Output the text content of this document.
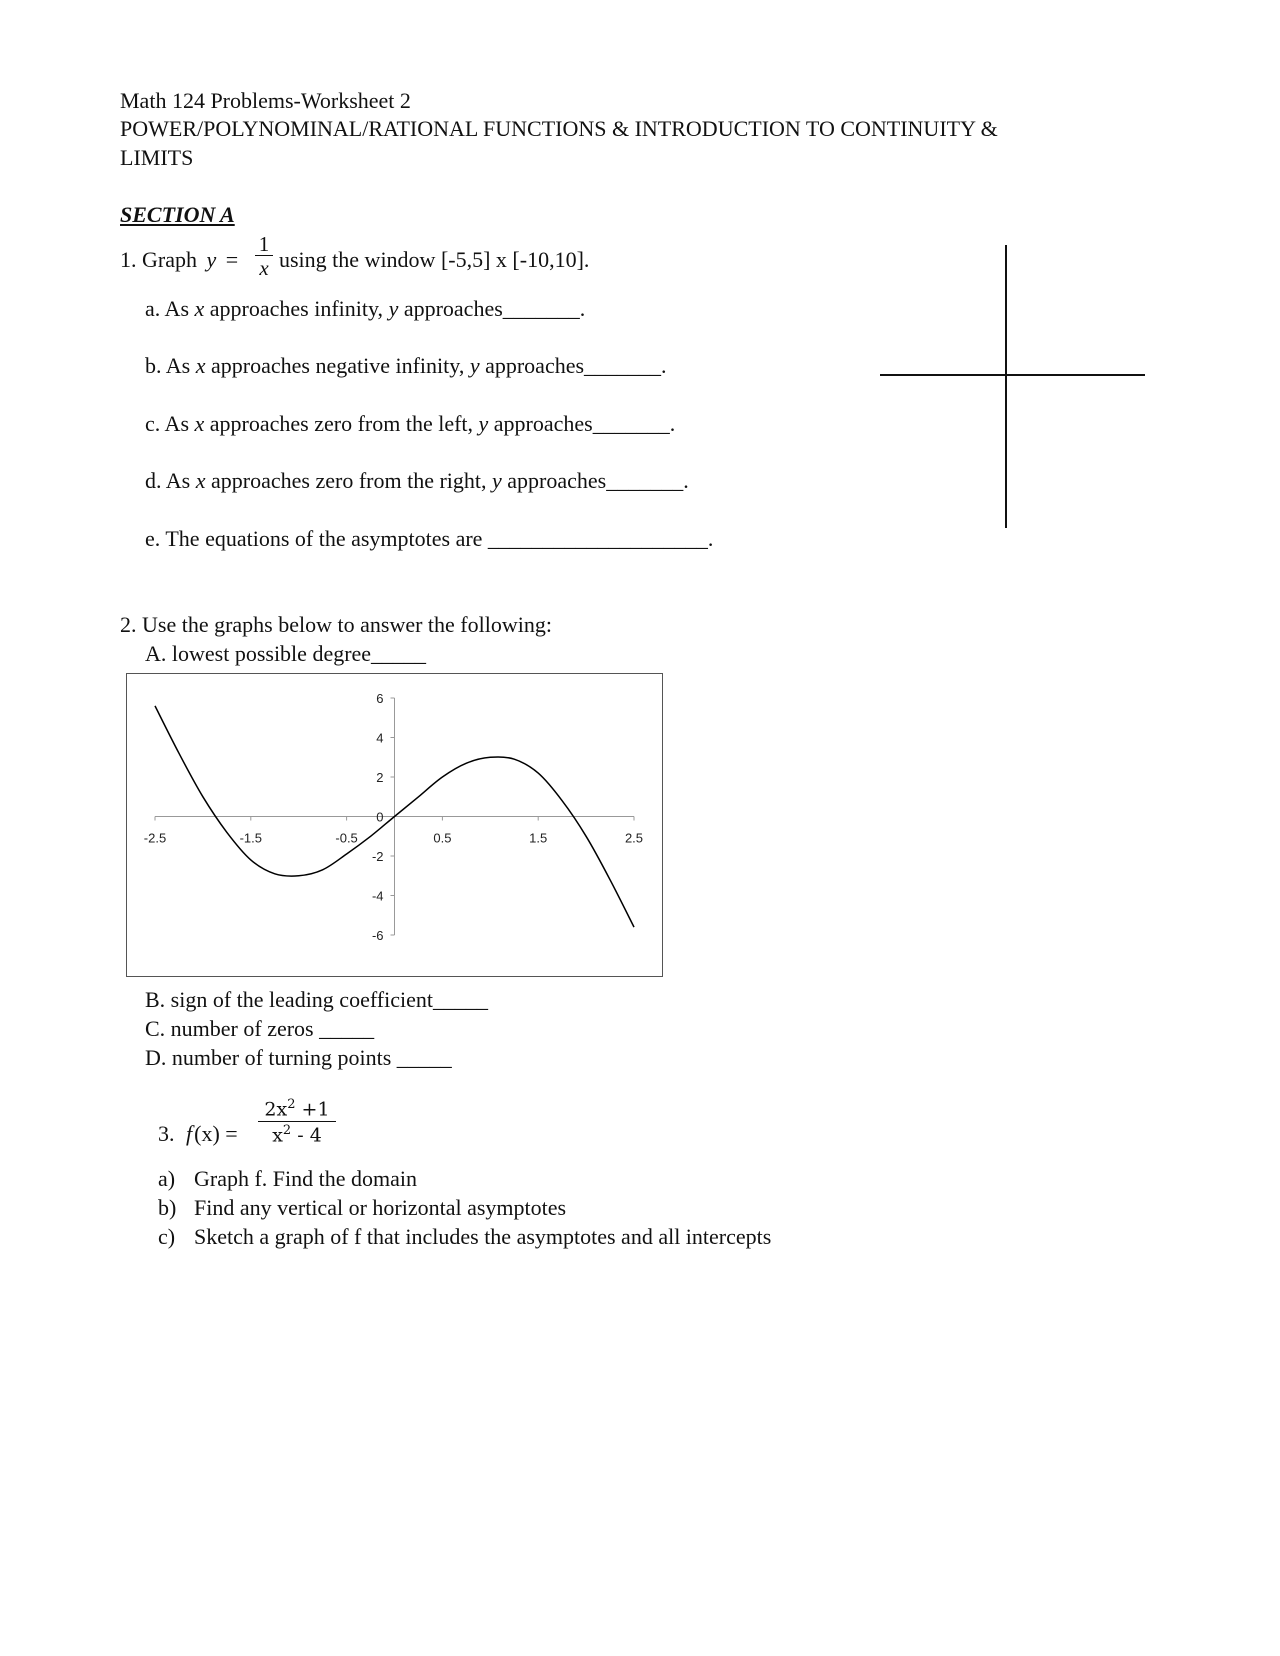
Math 124 Problems-Worksheet 2
POWER/POLYNOMINAL/RATIONAL FUNCTIONS & INTRODUCTION TO CONTINUITY &
LIMITS
SECTION A
1. Graph y =
1
x using the window [-5,5] x [-10,10].
a. As x approaches infinity, y approaches_______.
b. As x approaches negative infinity, y approaches_______.
c. As x approaches zero from the left, y approaches_______.
d. As x approaches zero from the right, y approaches_______.
e. The equations of the asymptotes are ____________________.
2. Use the graphs below to answer the following:
A. lowest possible degree_____
-2.5	-1.5	-0.5	0.5	1.5	2.5
6
4
2
0
-2
-4
-6
B. sign of the leading coefficient_____
C. number of zeros _____
D. number of turning points _____
3. f(x) =
$2x^2 +1$
$x^2 - 4$
a) Graph f. Find the domain
b) Find any vertical or horizontal asymptotes
c) Sketch a graph of f that includes the asymptotes and all intercepts
